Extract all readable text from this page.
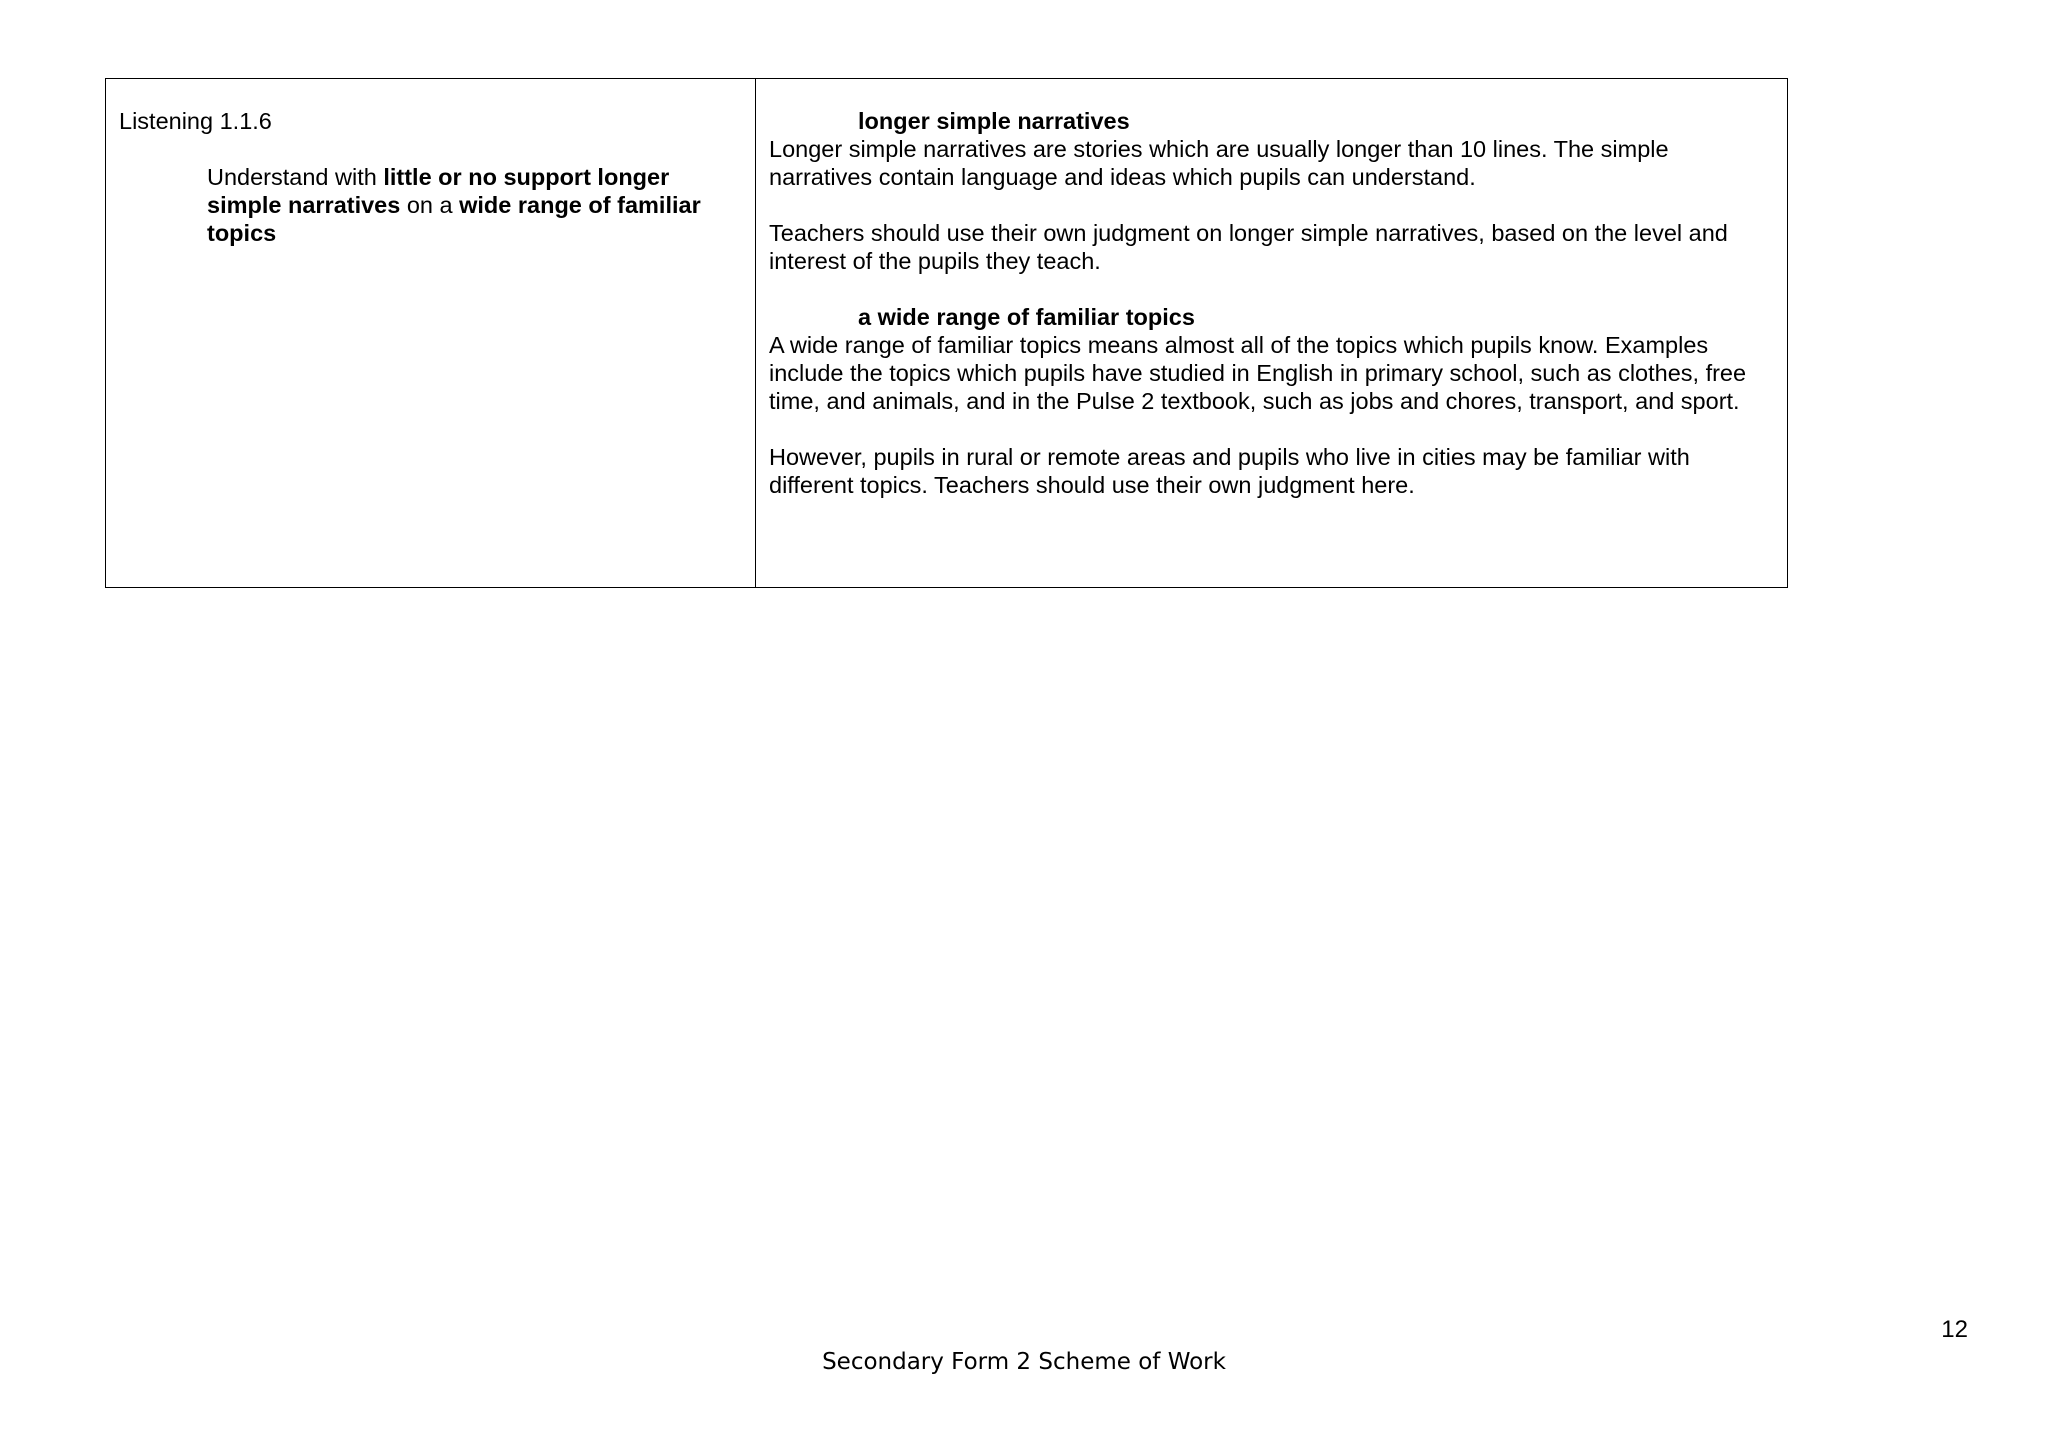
Listening 1.1.6

Understand with little or no support longer simple narratives on a wide range of familiar topics

longer simple narratives

Longer simple narratives are stories which are usually longer than 10 lines. The simple narratives contain language and ideas which pupils can understand.

Teachers should use their own judgment on longer simple narratives, based on the level and interest of the pupils they teach.

a wide range of familiar topics

A wide range of familiar topics means almost all of the topics which pupils know. Examples include the topics which pupils have studied in English in primary school, such as clothes, free time, and animals, and in the Pulse 2 textbook, such as jobs and chores, transport, and sport.

However, pupils in rural or remote areas and pupils who live in cities may be familiar with different topics. Teachers should use their own judgment here.

12
Secondary Form 2 Scheme of Work
